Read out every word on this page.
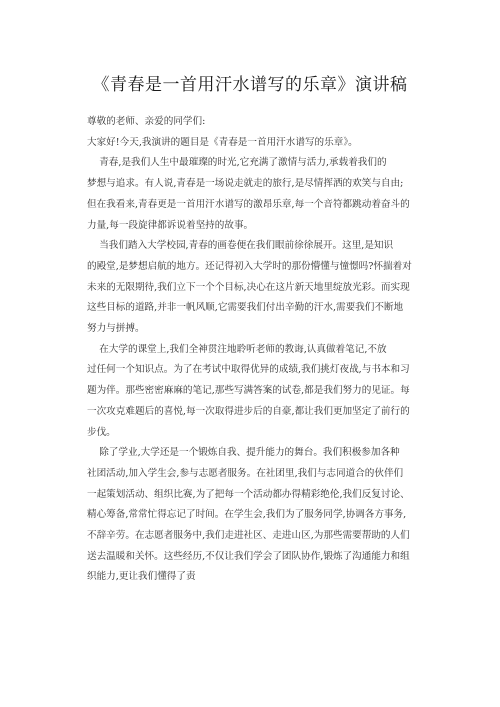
《青春是一首用汗水谱写的乐章》演讲稿

尊敬的老师、亲爱的同学们:

大家好!今天,我演讲的题目是《青春是一首用汗水谱写的乐章》。

青春,是我们人生中最璀璨的时光,它充满了激情与活力,承载着我们的
梦想与追求。有人说,青春是一场说走就走的旅行,是尽情挥洒的欢笑与自由;
但在我看来,青春更是一首用汗水谱写的激昂乐章,每一个音符都跳动着奋斗的
力量,每一段旋律都诉说着坚持的故事。

当我们踏入大学校园,青春的画卷便在我们眼前徐徐展开。这里,是知识
的殿堂,是梦想启航的地方。还记得初入大学时的那份懵懂与憧憬吗?怀揣着对
未来的无限期待,我们立下一个个目标,决心在这片新天地里绽放光彩。而实现
这些目标的道路,并非一帆风顺,它需要我们付出辛勤的汗水,需要我们不断地
努力与拼搏。

在大学的课堂上,我们全神贯注地聆听老师的教诲,认真做着笔记,不放
过任何一个知识点。为了在考试中取得优异的成绩,我们挑灯夜战,与书本和习
题为伴。那些密密麻麻的笔记,那些写满答案的试卷,都是我们努力的见证。每
一次攻克难题后的喜悦,每一次取得进步后的自豪,都让我们更加坚定了前行的
步伐。

除了学业,大学还是一个锻炼自我、提升能力的舞台。我们积极参加各种
社团活动,加入学生会,参与志愿者服务。在社团里,我们与志同道合的伙伴们
一起策划活动、组织比赛,为了把每一个活动都办得精彩绝伦,我们反复讨论、
精心筹备,常常忙得忘记了时间。在学生会,我们为了服务同学,协调各方事务,
不辞辛劳。在志愿者服务中,我们走进社区、走进山区,为那些需要帮助的人们
送去温暖和关怀。这些经历,不仅让我们学会了团队协作,锻炼了沟通能力和组
织能力,更让我们懂得了责
